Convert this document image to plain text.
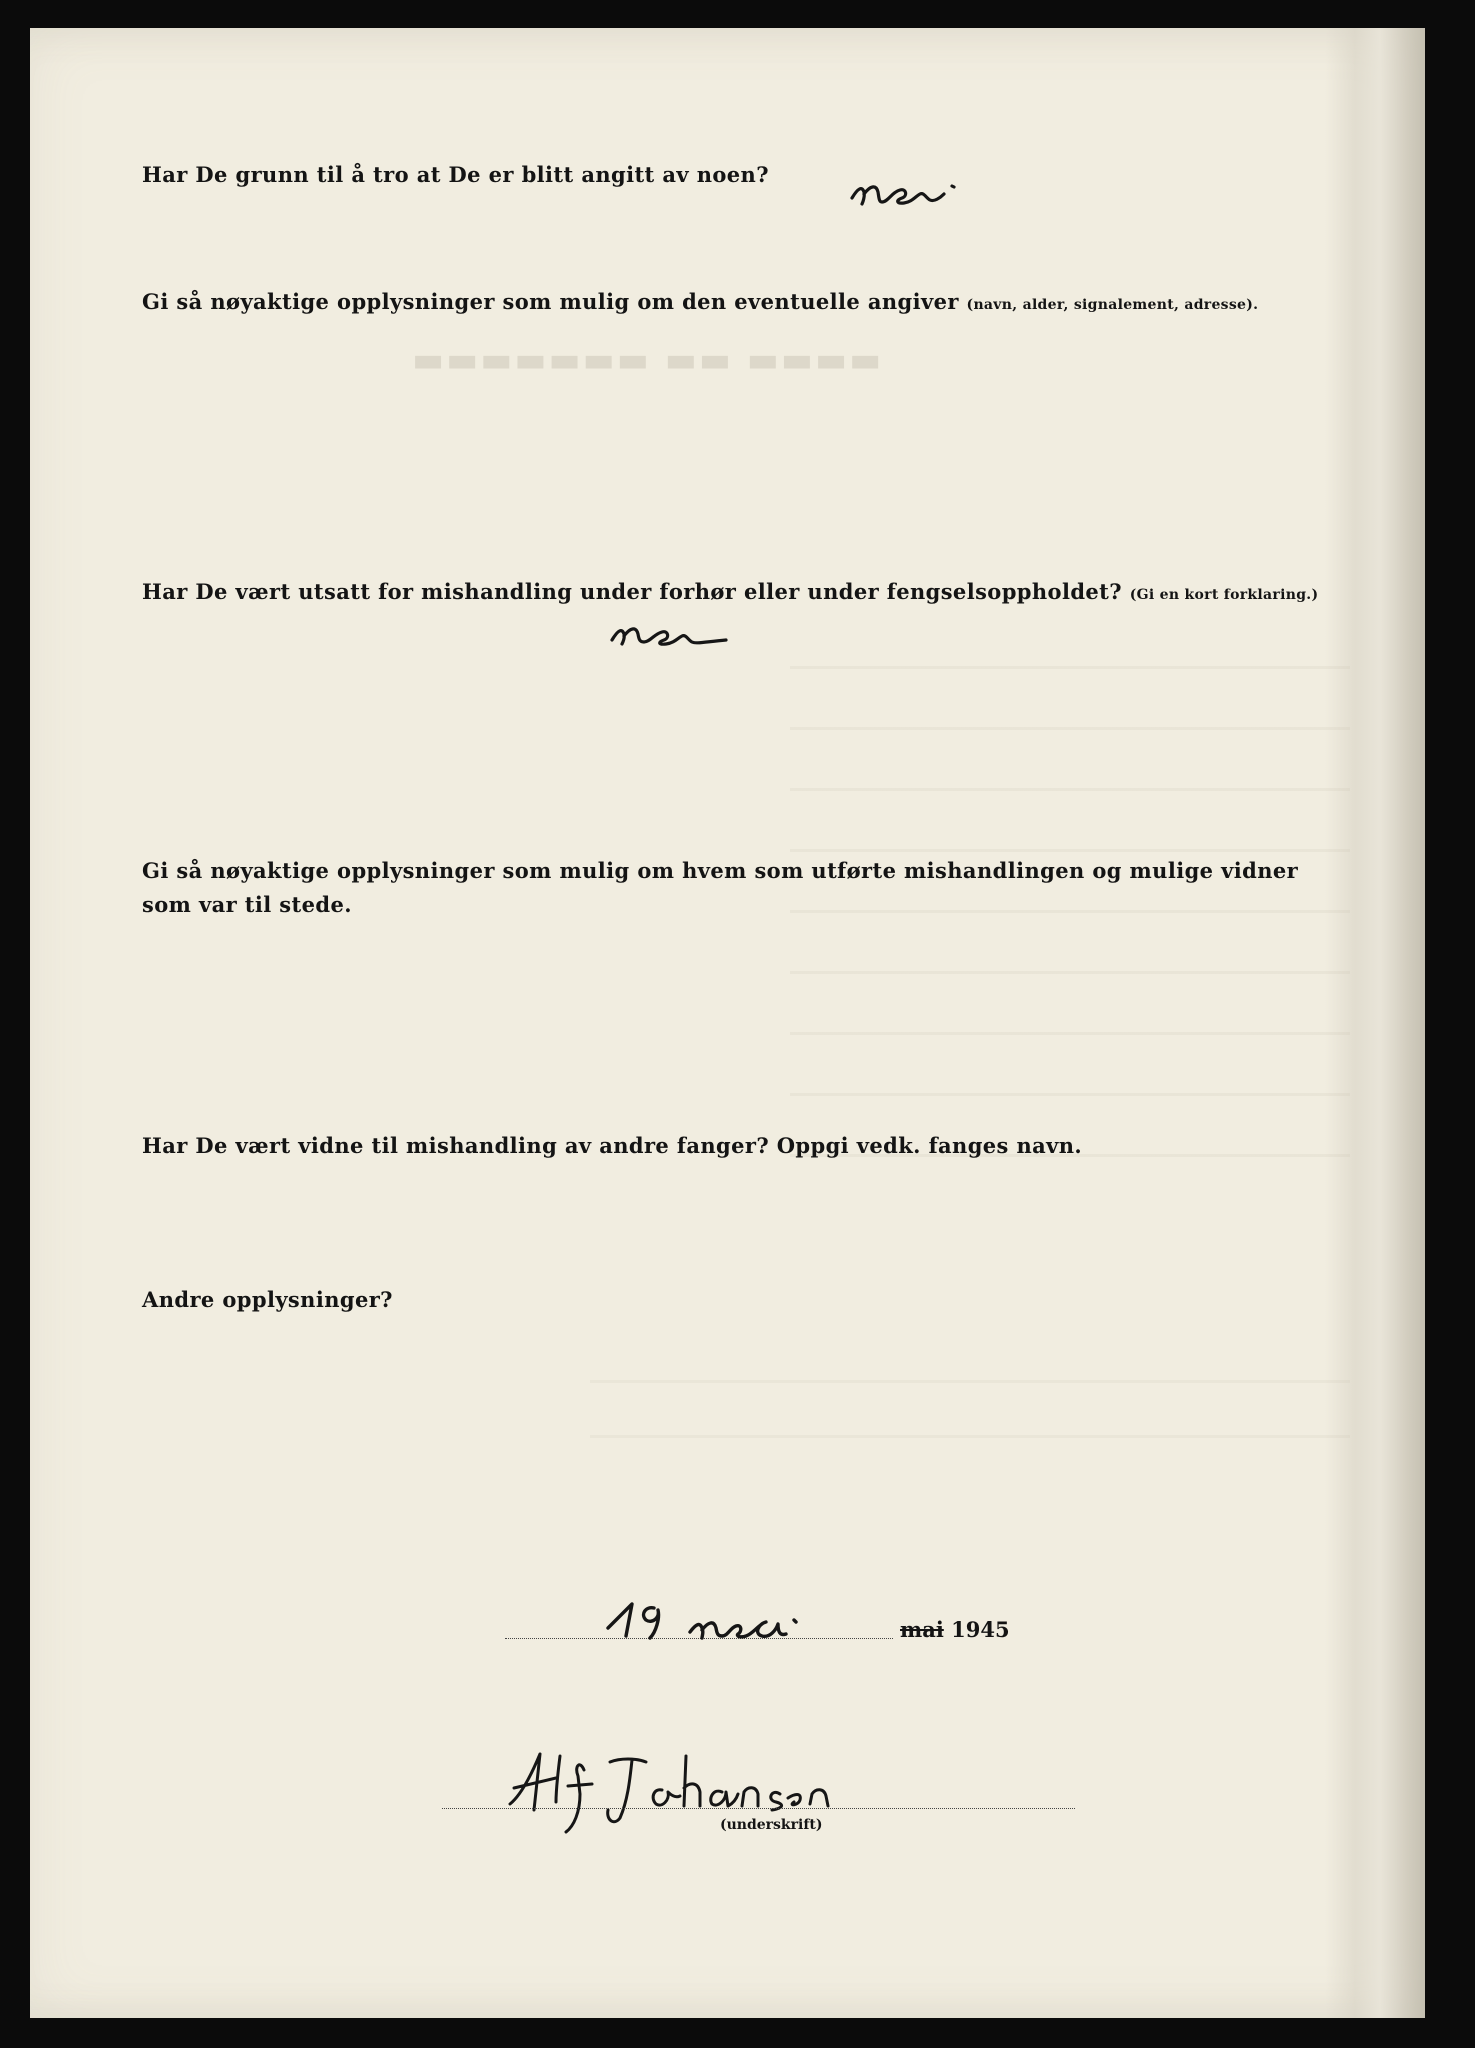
▬▬▬▬ ▬▬ ▬▬▬▬▬▬▬

Har De grunn til å tro at De er blitt angitt av noen?

Gi så nøyaktige opplysninger som mulig om den eventuelle angiver (navn, alder, signalement, adresse).

Har De vært utsatt for mishandling under forhør eller under fengselsoppholdet? (Gi en kort forklaring.)

Gi så nøyaktige opplysninger som mulig om hvem som utførte mishandlingen og mulige vidner
som var til stede.

Har De vært vidne til mishandling av andre fanger? Oppgi vedk. fanges navn.

Andre opplysninger?

mai 1945
(underskrift)
